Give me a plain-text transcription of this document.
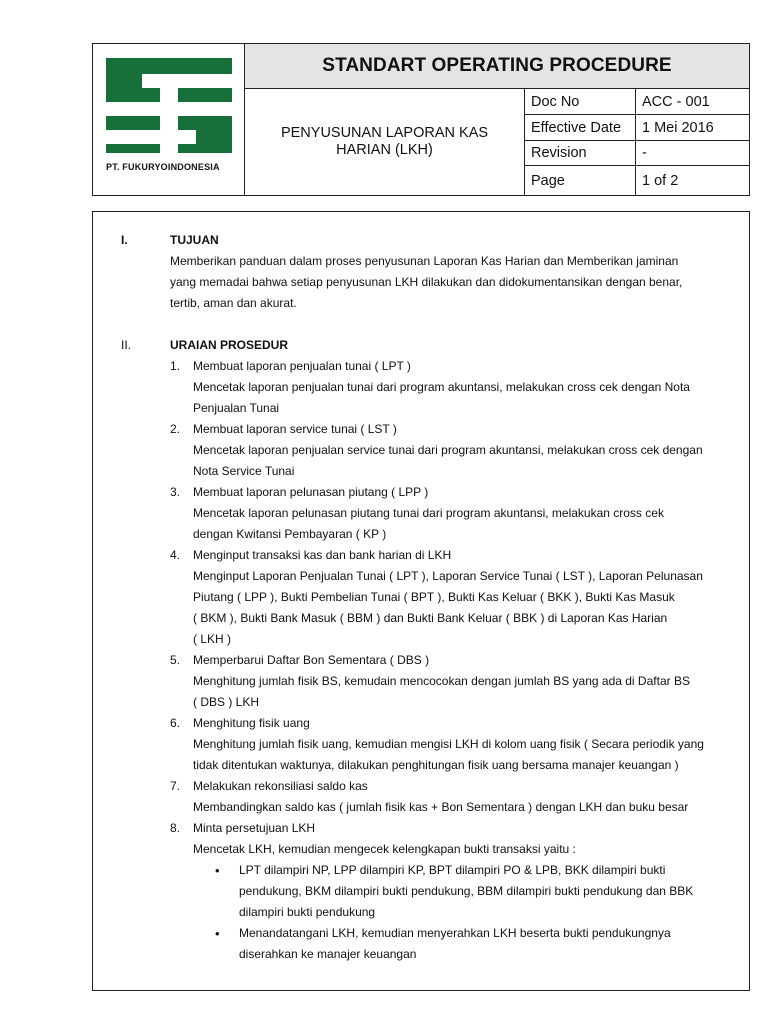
PT. FUKURYOINDONESIA
STANDART OPERATING PROCEDURE
PENYUSUNAN LAPORAN KAS HARIAN (LKH)
Doc No	ACC - 001
Effective Date	1 Mei 2016
Revision	-
Page	1 of 2
I.	TUJUAN
Memberikan panduan dalam proses penyusunan Laporan Kas Harian dan Memberikan jaminan
yang memadai bahwa setiap penyusunan LKH dilakukan dan didokumentansikan dengan benar,
tertib, aman dan akurat.
II.	URAIAN PROSEDUR
1. Membuat laporan penjualan tunai ( LPT )
Mencetak laporan penjualan tunai dari program akuntansi, melakukan cross cek dengan Nota
Penjualan Tunai
2. Membuat laporan service tunai ( LST )
Mencetak laporan penjualan service tunai dari program akuntansi, melakukan cross cek dengan
Nota Service Tunai
3. Membuat laporan pelunasan piutang ( LPP )
Mencetak laporan pelunasan piutang tunai dari program akuntansi, melakukan cross cek
dengan Kwitansi Pembayaran ( KP )
4. Menginput transaksi kas dan bank harian di LKH
Menginput Laporan Penjualan Tunai ( LPT ), Laporan Service Tunai ( LST ), Laporan Pelunasan
Piutang ( LPP ), Bukti Pembelian Tunai ( BPT ), Bukti Kas Keluar ( BKK ), Bukti Kas Masuk
( BKM ), Bukti Bank Masuk ( BBM ) dan Bukti Bank Keluar ( BBK ) di Laporan Kas Harian
( LKH )
5. Memperbarui Daftar Bon Sementara ( DBS )
Menghitung jumlah fisik BS, kemudain mencocokan dengan jumlah BS yang ada di Daftar BS
( DBS ) LKH
6. Menghitung fisik uang
Menghitung jumlah fisik uang, kemudian mengisi LKH di kolom uang fisik ( Secara periodik yang
tidak ditentukan waktunya, dilakukan penghitungan fisik uang bersama manajer keuangan )
7. Melakukan rekonsiliasi saldo kas
Membandingkan saldo kas ( jumlah fisik kas + Bon Sementara ) dengan LKH dan buku besar
8. Minta persetujuan LKH
Mencetak LKH, kemudian mengecek kelengkapan bukti transaksi yaitu :
• LPT dilampiri NP, LPP dilampiri KP, BPT dilampiri PO & LPB, BKK dilampiri bukti
pendukung, BKM dilampiri bukti pendukung, BBM dilampiri bukti pendukung dan BBK
dilampiri bukti pendukung
• Menandatangani LKH, kemudian menyerahkan LKH beserta bukti pendukungnya
diserahkan ke manajer keuangan
